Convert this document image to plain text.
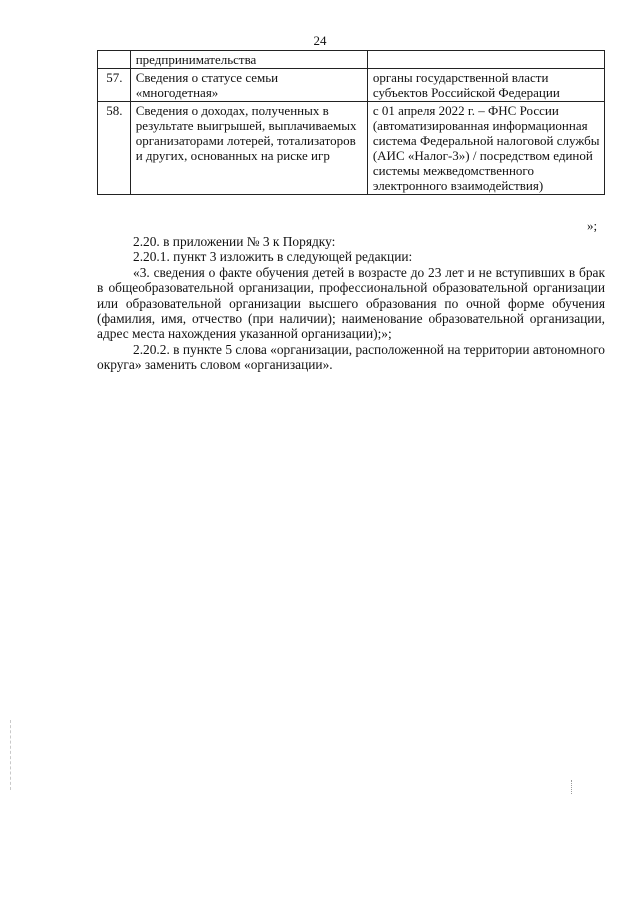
24
	предпринимательства	
57.	Сведения о статусе семьи «многодетная»	органы государственной власти субъектов Российской Федерации
58.	Сведения о доходах, полученных в результате выигрышей, выплачиваемых организаторами лотерей, тотализаторов и других, основанных на риске игр	с 01 апреля 2022 г. – ФНС России (автоматизированная информационная система Федеральной налоговой службы (АИС «Налог-3») / посредством единой системы межведомственного электронного взаимодействия)
»;

2.20. в приложении № 3 к Порядку:

2.20.1. пункт 3 изложить в следующей редакции:

«3. сведения о факте обучения детей в возрасте до 23 лет и не вступивших в брак в общеобразовательной организации, профессиональной образовательной организации или образовательной организации высшего образования по очной форме обучения (фамилия, имя, отчество (при наличии); наименование образовательной организации, адрес места нахождения указанной организации);»;

2.20.2. в пункте 5 слова «организации, расположенной на территории автономного округа» заменить словом «организации».
